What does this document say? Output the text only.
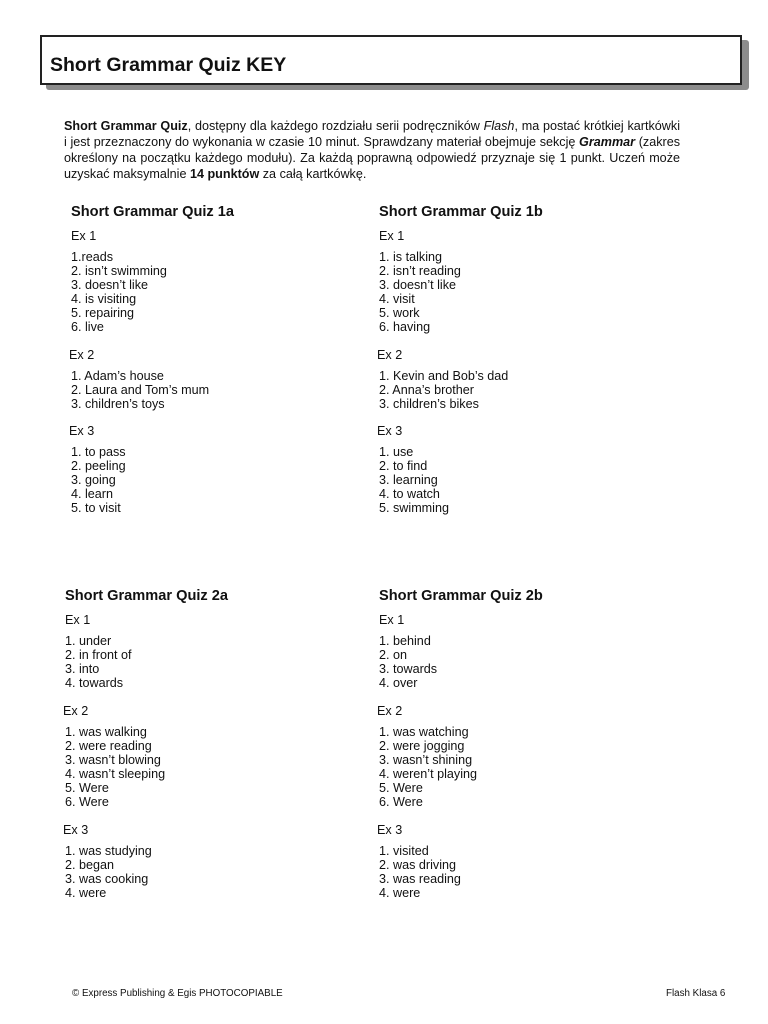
Short Grammar Quiz KEY
Short Grammar Quiz, dostępny dla każdego rozdziału serii podręczników Flash, ma postać krótkiej kartkówki i jest przeznaczony do wykonania w czasie 10 minut. Sprawdzany materiał obejmuje sekcję Grammar (zakres określony na początku każdego modułu). Za każdą poprawną odpowiedź przyznaje się 1 punkt. Uczeń może uzyskać maksymalnie 14 punktów za całą kartkówkę.
Short Grammar Quiz 1a
Ex 1
1.reads
2. isn’t swimming
3. doesn’t like
4. is visiting
5. repairing
6. live
Ex 2
1. Adam’s house
2. Laura and Tom’s mum
3. children’s toys
Ex 3
1. to pass
2. peeling
3. going
4. learn
5. to visit
Short Grammar Quiz 1b
Ex 1
1. is talking
2. isn’t reading
3. doesn’t like
4. visit
5. work
6. having
Ex 2
1. Kevin and Bob’s dad
2. Anna’s brother
3. children’s bikes
Ex 3
1. use
2. to find
3. learning
4. to watch
5. swimming
Short Grammar Quiz 2a
Ex 1
1. under
2. in front of
3. into
4. towards
Ex 2
1. was walking
2. were reading
3. wasn’t blowing
4. wasn’t sleeping
5. Were
6. Were
Ex 3
1. was studying
2. began
3. was cooking
4. were
Short Grammar Quiz 2b
Ex 1
1. behind
2. on
3. towards
4. over
Ex 2
1. was watching
2. were jogging
3. wasn’t shining
4. weren’t playing
5. Were
6. Were
Ex 3
1. visited
2. was driving
3. was reading
4. were
© Express Publishing & Egis PHOTOCOPIABLE	Flash Klasa 6
